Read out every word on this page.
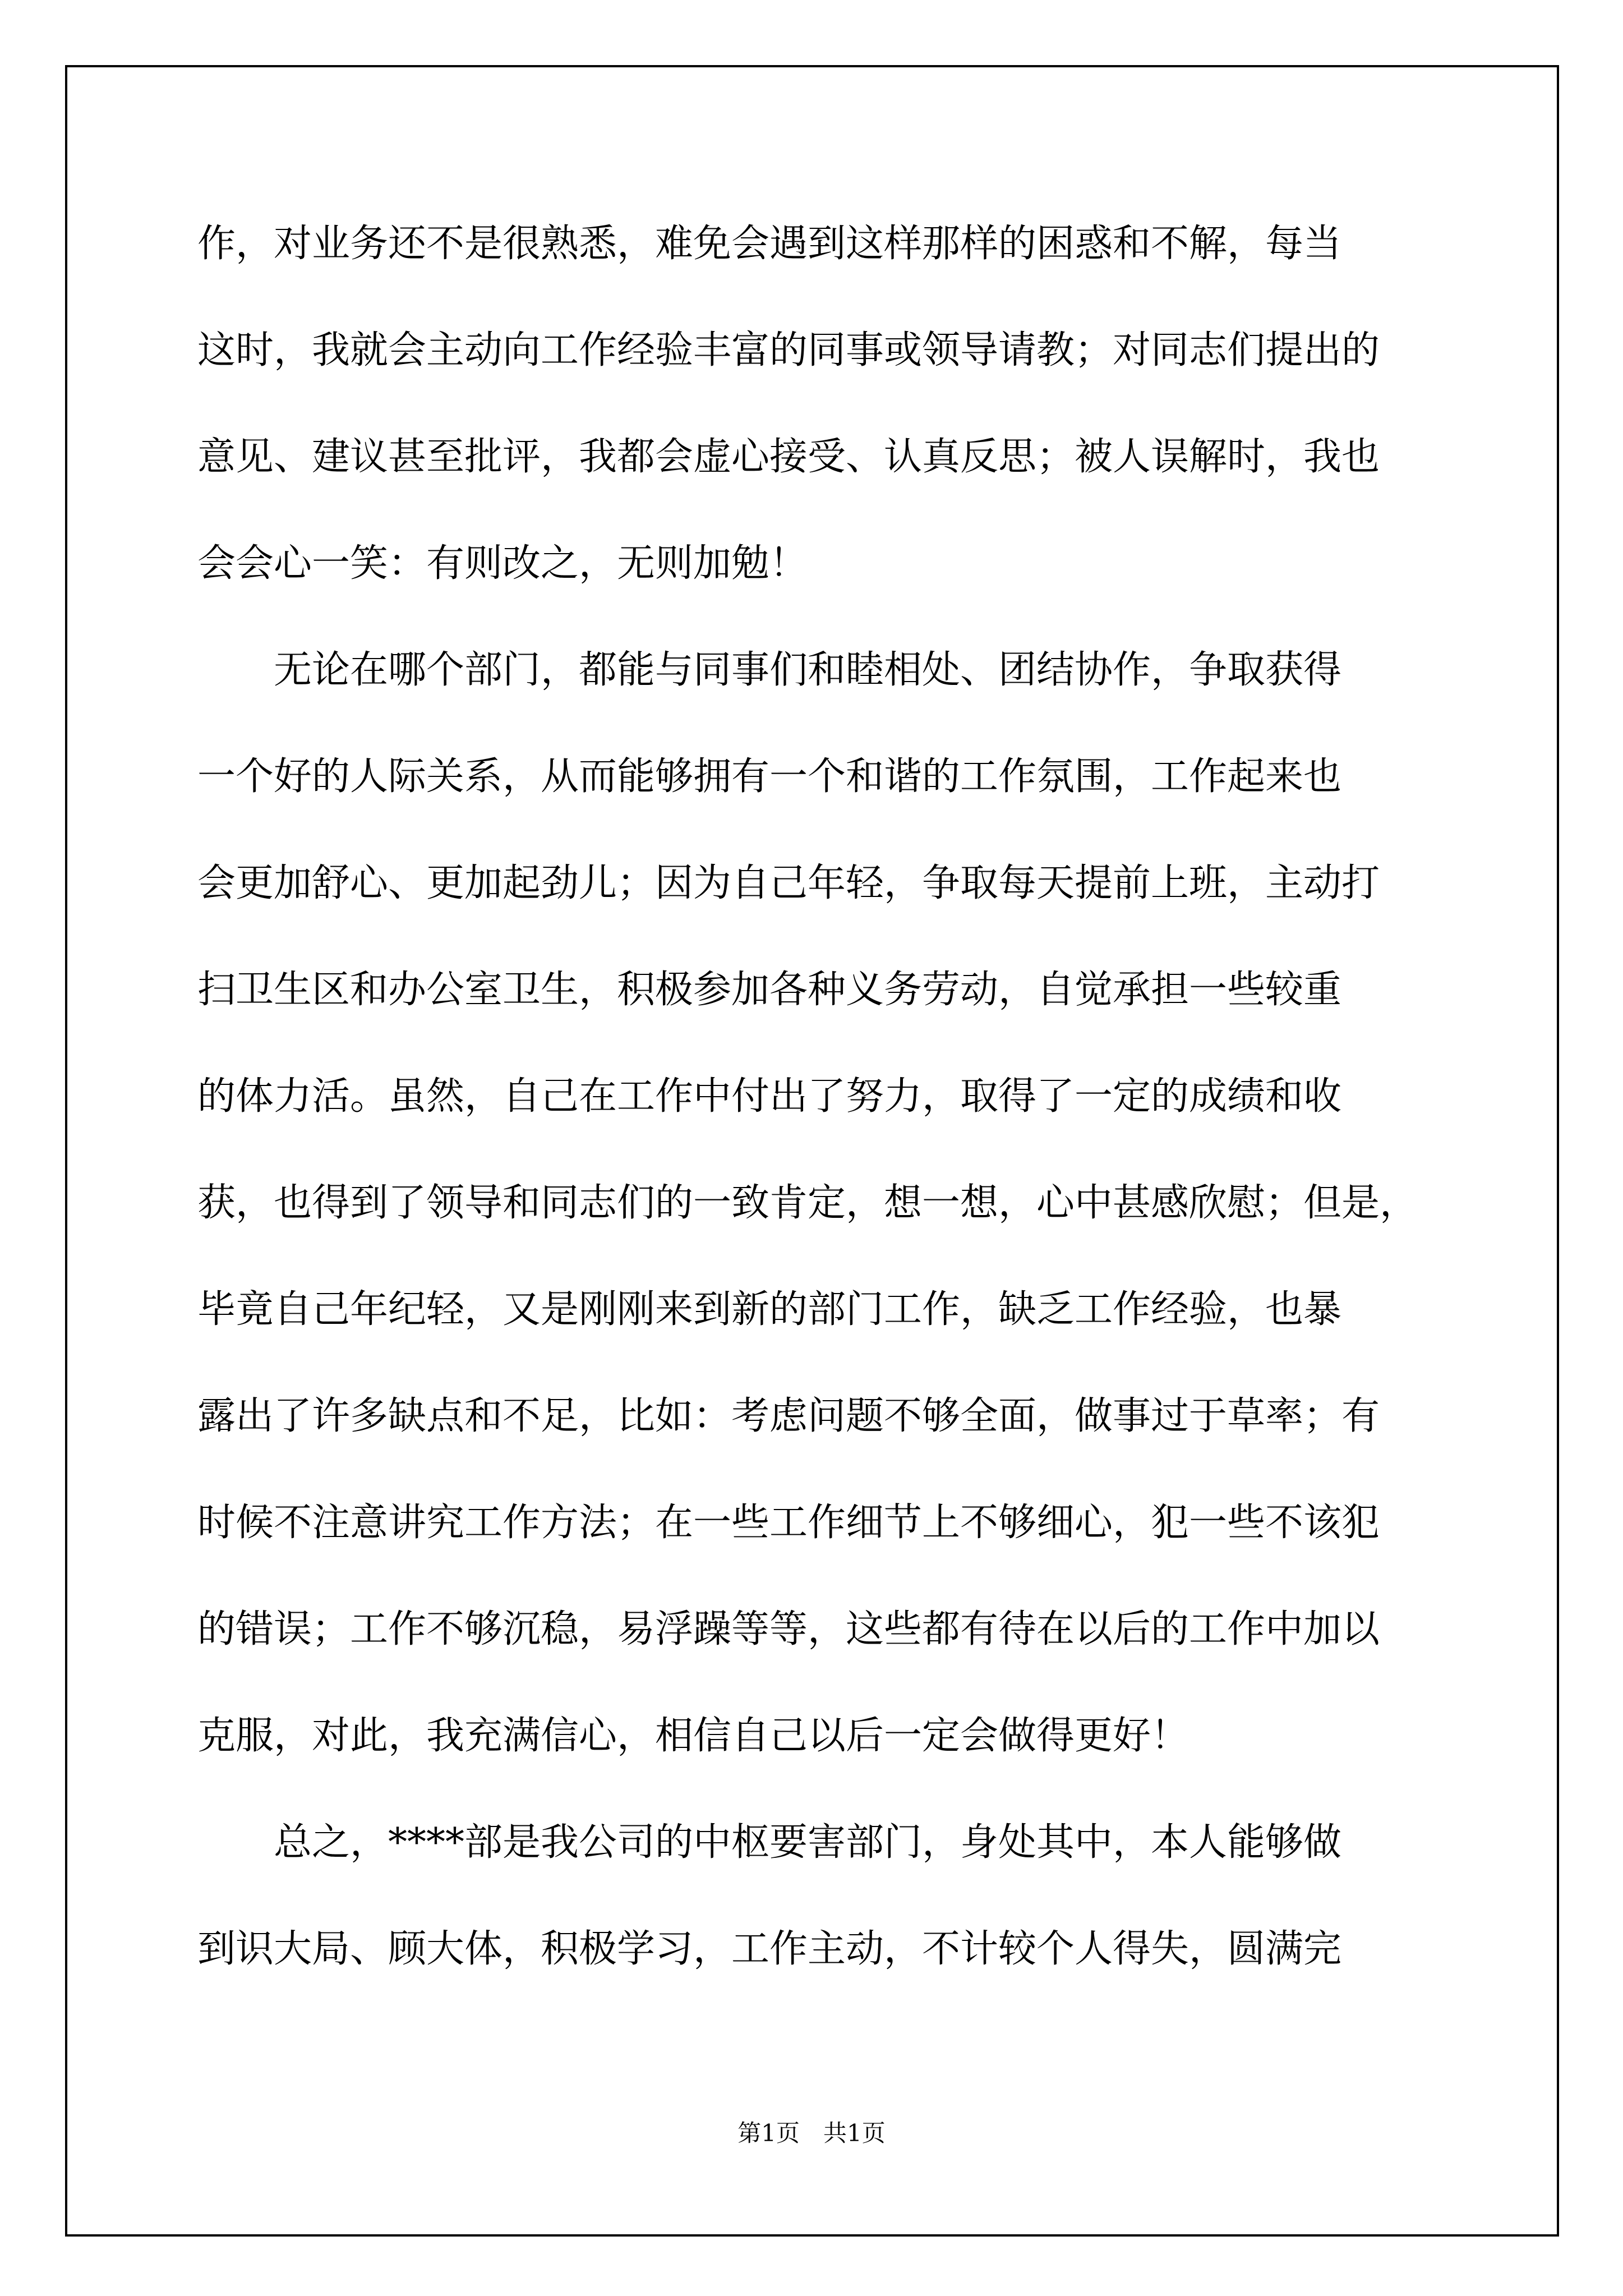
作，对业务还不是很熟悉，难免会遇到这样那样的困惑和不解，每当
这时，我就会主动向工作经验丰富的同事或领导请教；对同志们提出的
意见、建议甚至批评，我都会虚心接受、认真反思；被人误解时，我也
会会心一笑：有则改之，无则加勉！
　　无论在哪个部门，都能与同事们和睦相处、团结协作，争取获得
一个好的人际关系，从而能够拥有一个和谐的工作氛围，工作起来也
会更加舒心、更加起劲儿；因为自己年轻，争取每天提前上班，主动打
扫卫生区和办公室卫生，积极参加各种义务劳动，自觉承担一些较重
的体力活。虽然，自己在工作中付出了努力，取得了一定的成绩和收
获，也得到了领导和同志们的一致肯定，想一想，心中甚感欣慰；但是，
毕竟自己年纪轻，又是刚刚来到新的部门工作，缺乏工作经验，也暴
露出了许多缺点和不足，比如：考虑问题不够全面，做事过于草率；有
时候不注意讲究工作方法；在一些工作细节上不够细心，犯一些不该犯
的错误；工作不够沉稳，易浮躁等等，这些都有待在以后的工作中加以
克服，对此，我充满信心，相信自己以后一定会做得更好！
　　总之，****部是我公司的中枢要害部门，身处其中，本人能够做
到识大局、顾大体，积极学习，工作主动，不计较个人得失，圆满完
第1页　共1页
